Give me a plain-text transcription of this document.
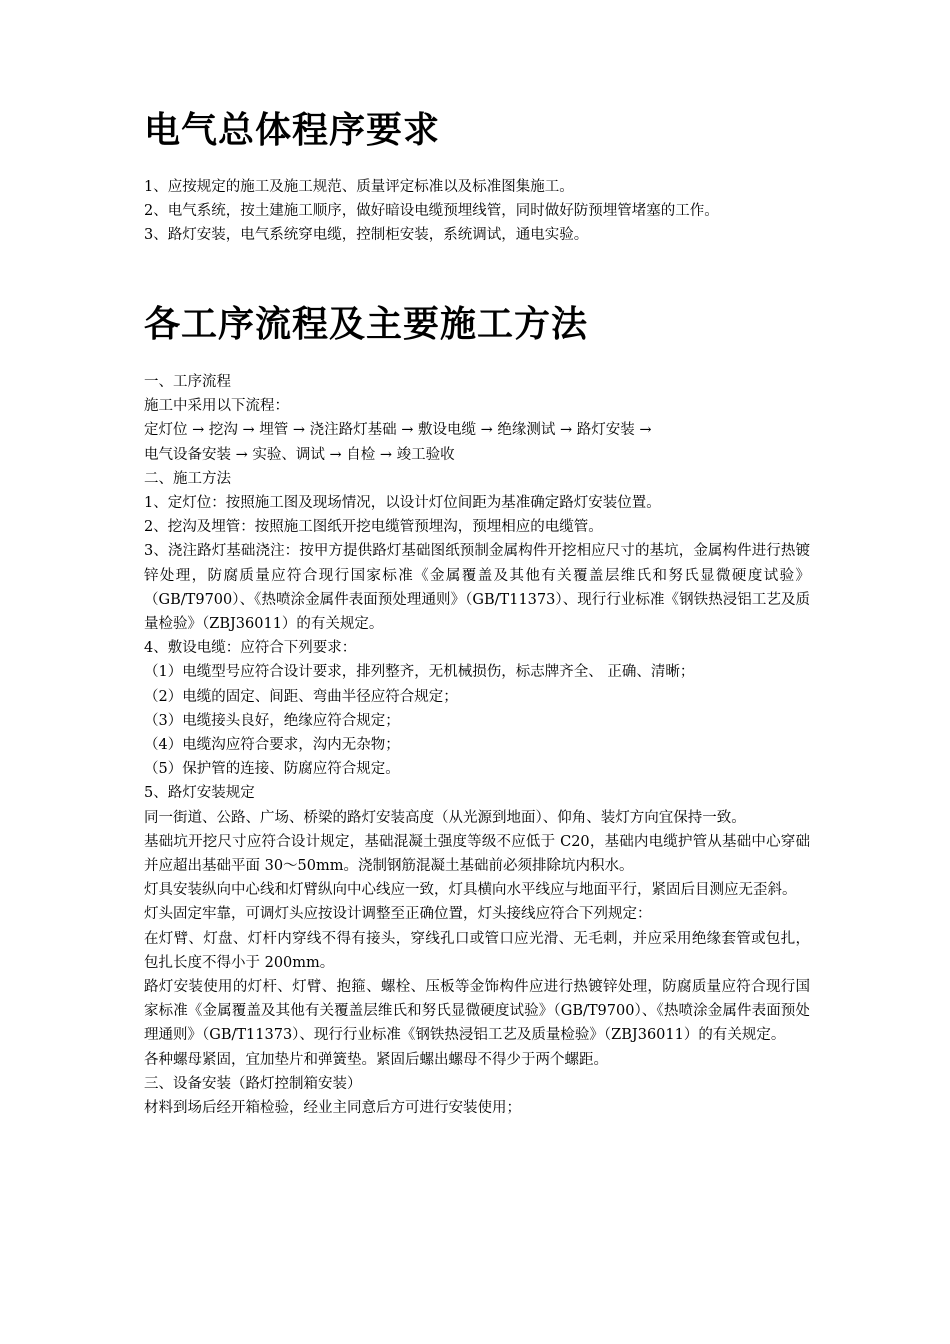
电气总体程序要求

1、应按规定的施工及施工规范、质量评定标准以及标准图集施工。

2、电气系统，按土建施工顺序，做好暗设电缆预埋线管，同时做好防预埋管堵塞的工作。

3、路灯安装，电气系统穿电缆，控制柜安装，系统调试，通电实验。

各工序流程及主要施工方法

一、工序流程

施工中采用以下流程：

定灯位 → 挖沟 → 埋管 → 浇注路灯基础 → 敷设电缆 → 绝缘测试 → 路灯安装 →

电气设备安装 → 实验、调试 → 自检 → 竣工验收

二、施工方法

1、定灯位：按照施工图及现场情况，以设计灯位间距为基准确定路灯安装位置。

2、挖沟及埋管：按照施工图纸开挖电缆管预埋沟，预埋相应的电缆管。

3、浇注路灯基础浇注：按甲方提供路灯基础图纸预制金属构件开挖相应尺寸的基坑，金属构件进行热镀锌处理，防腐质量应符合现行国家标准《金属覆盖及其他有关覆盖层维氏和努氏显微硬度试验》（GB/T9700）、《热喷涂金属件表面预处理通则》（GB/T11373）、现行行业标准《钢铁热浸铝工艺及质量检验》（ZBJ36011）的有关规定。

4、敷设电缆：应符合下列要求：

（1）电缆型号应符合设计要求，排列整齐，无机械损伤，标志牌齐全、 正确、清晰；

（2）电缆的固定、间距、弯曲半径应符合规定；

（3）电缆接头良好，绝缘应符合规定；

（4）电缆沟应符合要求，沟内无杂物；

（5）保护管的连接、防腐应符合规定。

5、路灯安装规定

同一街道、公路、广场、桥梁的路灯安装高度（从光源到地面）、仰角、装灯方向宜保持一致。

基础坑开挖尺寸应符合设计规定，基础混凝土强度等级不应低于 C20，基础内电缆护管从基础中心穿础并应超出基础平面 30～50mm。浇制钢筋混凝土基础前必须排除坑内积水。

灯具安装纵向中心线和灯臂纵向中心线应一致，灯具横向水平线应与地面平行，紧固后目测应无歪斜。

灯头固定牢靠，可调灯头应按设计调整至正确位置，灯头接线应符合下列规定：

在灯臂、灯盘、灯杆内穿线不得有接头，穿线孔口或管口应光滑、无毛刺，并应采用绝缘套管或包扎，包扎长度不得小于 200mm。

路灯安装使用的灯杆、灯臂、抱箍、螺栓、压板等金饰构件应进行热镀锌处理，防腐质量应符合现行国家标准《金属覆盖及其他有关覆盖层维氏和努氏显微硬度试验》（GB/T9700）、《热喷涂金属件表面预处理通则》（GB/T11373）、现行行业标准《钢铁热浸铝工艺及质量检验》（ZBJ36011）的有关规定。

各种螺母紧固，宜加垫片和弹簧垫。紧固后螺出螺母不得少于两个螺距。

三、设备安装（路灯控制箱安装）

材料到场后经开箱检验，经业主同意后方可进行安装使用；
